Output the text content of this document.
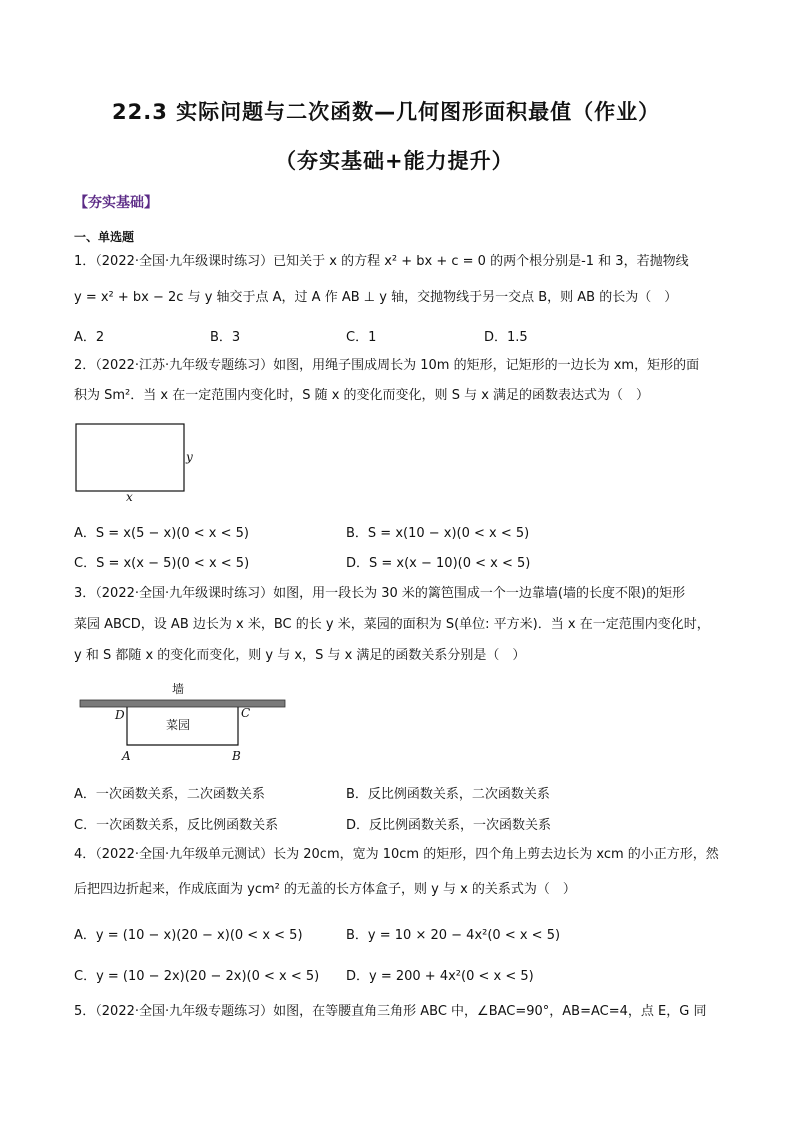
22.3 实际问题与二次函数—几何图形面积最值（作业）
（夯实基础+能力提升）
【夯实基础】
一、单选题
1．（2022·全国·九年级课时练习）已知关于 x 的方程 x² + bx + c = 0 的两个根分别是-1 和 3，若抛物线
y = x² + bx − 2c 与 y 轴交于点 A，过 A 作 AB ⊥ y 轴，交抛物线于另一交点 B，则 AB 的长为（　）
A．2	B．3	C．1	D．1.5
2．（2022·江苏·九年级专题练习）如图，用绳子围成周长为 10m 的矩形，记矩形的一边长为 xm，矩形的面
积为 Sm²．当 x 在一定范围内变化时，S 随 x 的变化而变化，则 S 与 x 满足的函数表达式为（　）
y
x
A．S = x(5 − x)(0 < x < 5)	B．S = x(10 − x)(0 < x < 5)
C．S = x(x − 5)(0 < x < 5)	D．S = x(x − 10)(0 < x < 5)
3．（2022·全国·九年级课时练习）如图，用一段长为 30 米的篱笆围成一个一边靠墙(墙的长度不限)的矩形
菜园 ABCD，设 AB 边长为 x 米，BC 的长 y 米，菜园的面积为 S(单位: 平方米)．当 x 在一定范围内变化时，
y 和 S 都随 x 的变化而变化，则 y 与 x，S 与 x 满足的函数关系分别是（　）
墙
菜园
D	C
A	B
A．一次函数关系，二次函数关系	B．反比例函数关系，二次函数关系
C．一次函数关系，反比例函数关系	D．反比例函数关系，一次函数关系
4．（2022·全国·九年级单元测试）长为 20cm，宽为 10cm 的矩形，四个角上剪去边长为 xcm 的小正方形，然
后把四边折起来，作成底面为 ycm² 的无盖的长方体盒子，则 y 与 x 的关系式为（　）
A．y = (10 − x)(20 − x)(0 < x < 5)	B．y = 10 × 20 − 4x²(0 < x < 5)
C．y = (10 − 2x)(20 − 2x)(0 < x < 5) D．y = 200 + 4x²(0 < x < 5)
5．（2022·全国·九年级专题练习）如图，在等腰直角三角形 ABC 中，∠BAC=90°，AB=AC=4，点 E，G 同
